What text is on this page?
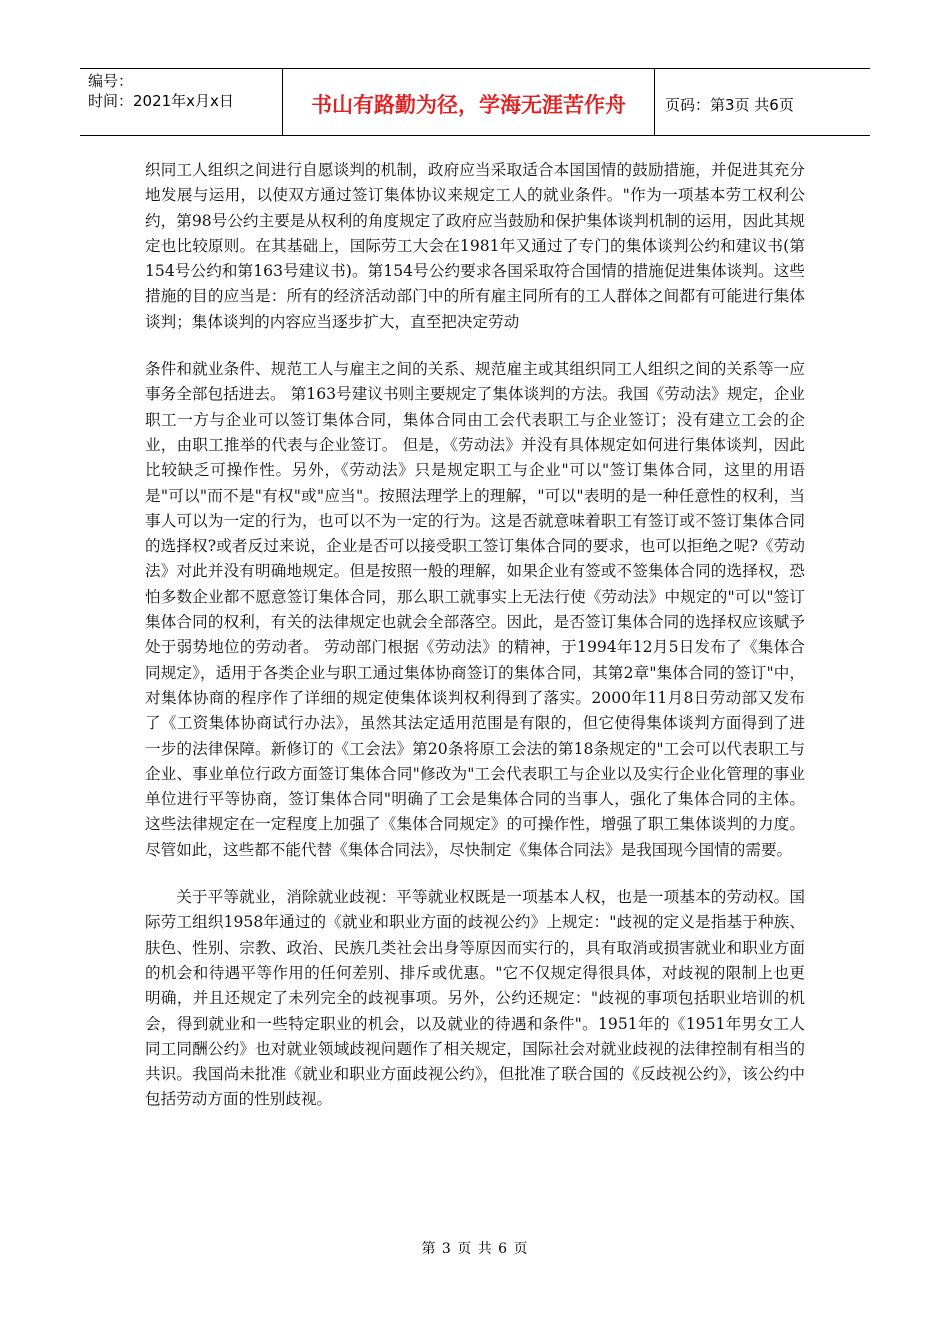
编号：
时间：2021年x月x日	书山有路勤为径，学海无涯苦作舟	页码：第3页 共6页

织同工人组织之间进行自愿谈判的机制，政府应当采取适合本国国情的鼓励措施，并促进其充分地发展与运用，以使双方通过签订集体协议来规定工人的就业条件。"作为一项基本劳工权利公约，第98号公约主要是从权利的角度规定了政府应当鼓励和保护集体谈判机制的运用，因此其规定也比较原则。在其基础上，国际劳工大会在1981年又通过了专门的集体谈判公约和建议书(第154号公约和第163号建议书)。第154号公约要求各国采取符合国情的措施促进集体谈判。这些措施的目的应当是：所有的经济活动部门中的所有雇主同所有的工人群体之间都有可能进行集体谈判；集体谈判的内容应当逐步扩大，直至把决定劳动

条件和就业条件、规范工人与雇主之间的关系、规范雇主或其组织同工人组织之间的关系等一应事务全部包括进去。 第163号建议书则主要规定了集体谈判的方法。我国《劳动法》规定，企业职工一方与企业可以签订集体合同，集体合同由工会代表职工与企业签订；没有建立工会的企业，由职工推举的代表与企业签订。 但是，《劳动法》并没有具体规定如何进行集体谈判，因此比较缺乏可操作性。另外，《劳动法》只是规定职工与企业"可以"签订集体合同，这里的用语是"可以"而不是"有权"或"应当"。按照法理学上的理解，"可以"表明的是一种任意性的权利，当事人可以为一定的行为，也可以不为一定的行为。这是否就意味着职工有签订或不签订集体合同的选择权?或者反过来说，企业是否可以接受职工签订集体合同的要求，也可以拒绝之呢?《劳动法》对此并没有明确地规定。但是按照一般的理解，如果企业有签或不签集体合同的选择权，恐怕多数企业都不愿意签订集体合同，那么职工就事实上无法行使《劳动法》中规定的"可以"签订集体合同的权利，有关的法律规定也就会全部落空。因此，是否签订集体合同的选择权应该赋予处于弱势地位的劳动者。 劳动部门根据《劳动法》的精神，于1994年12月5日发布了《集体合同规定》，适用于各类企业与职工通过集体协商签订的集体合同，其第2章"集体合同的签订"中，对集体协商的程序作了详细的规定使集体谈判权利得到了落实。2000年11月8日劳动部又发布了《工资集体协商试行办法》，虽然其法定适用范围是有限的，但它使得集体谈判方面得到了进一步的法律保障。新修订的《工会法》第20条将原工会法的第18条规定的"工会可以代表职工与企业、事业单位行政方面签订集体合同"修改为"工会代表职工与企业以及实行企业化管理的事业单位进行平等协商，签订集体合同"明确了工会是集体合同的当事人，强化了集体合同的主体。这些法律规定在一定程度上加强了《集体合同规定》的可操作性，增强了职工集体谈判的力度。尽管如此，这些都不能代替《集体合同法》，尽快制定《集体合同法》是我国现今国情的需要。

关于平等就业，消除就业歧视：平等就业权既是一项基本人权，也是一项基本的劳动权。国际劳工组织1958年通过的《就业和职业方面的歧视公约》上规定："歧视的定义是指基于种族、肤色、性别、宗教、政治、民族几类社会出身等原因而实行的，具有取消或损害就业和职业方面的机会和待遇平等作用的任何差别、排斥或优惠。"它不仅规定得很具体，对歧视的限制上也更明确，并且还规定了未列完全的歧视事项。另外，公约还规定："歧视的事项包括职业培训的机会，得到就业和一些特定职业的机会，以及就业的待遇和条件"。1951年的《1951年男女工人同工同酬公约》也对就业领域歧视问题作了相关规定，国际社会对就业歧视的法律控制有相当的共识。我国尚未批准《就业和职业方面歧视公约》，但批准了联合国的《反歧视公约》，该公约中包括劳动方面的性别歧视。

第 3 页 共 6 页
